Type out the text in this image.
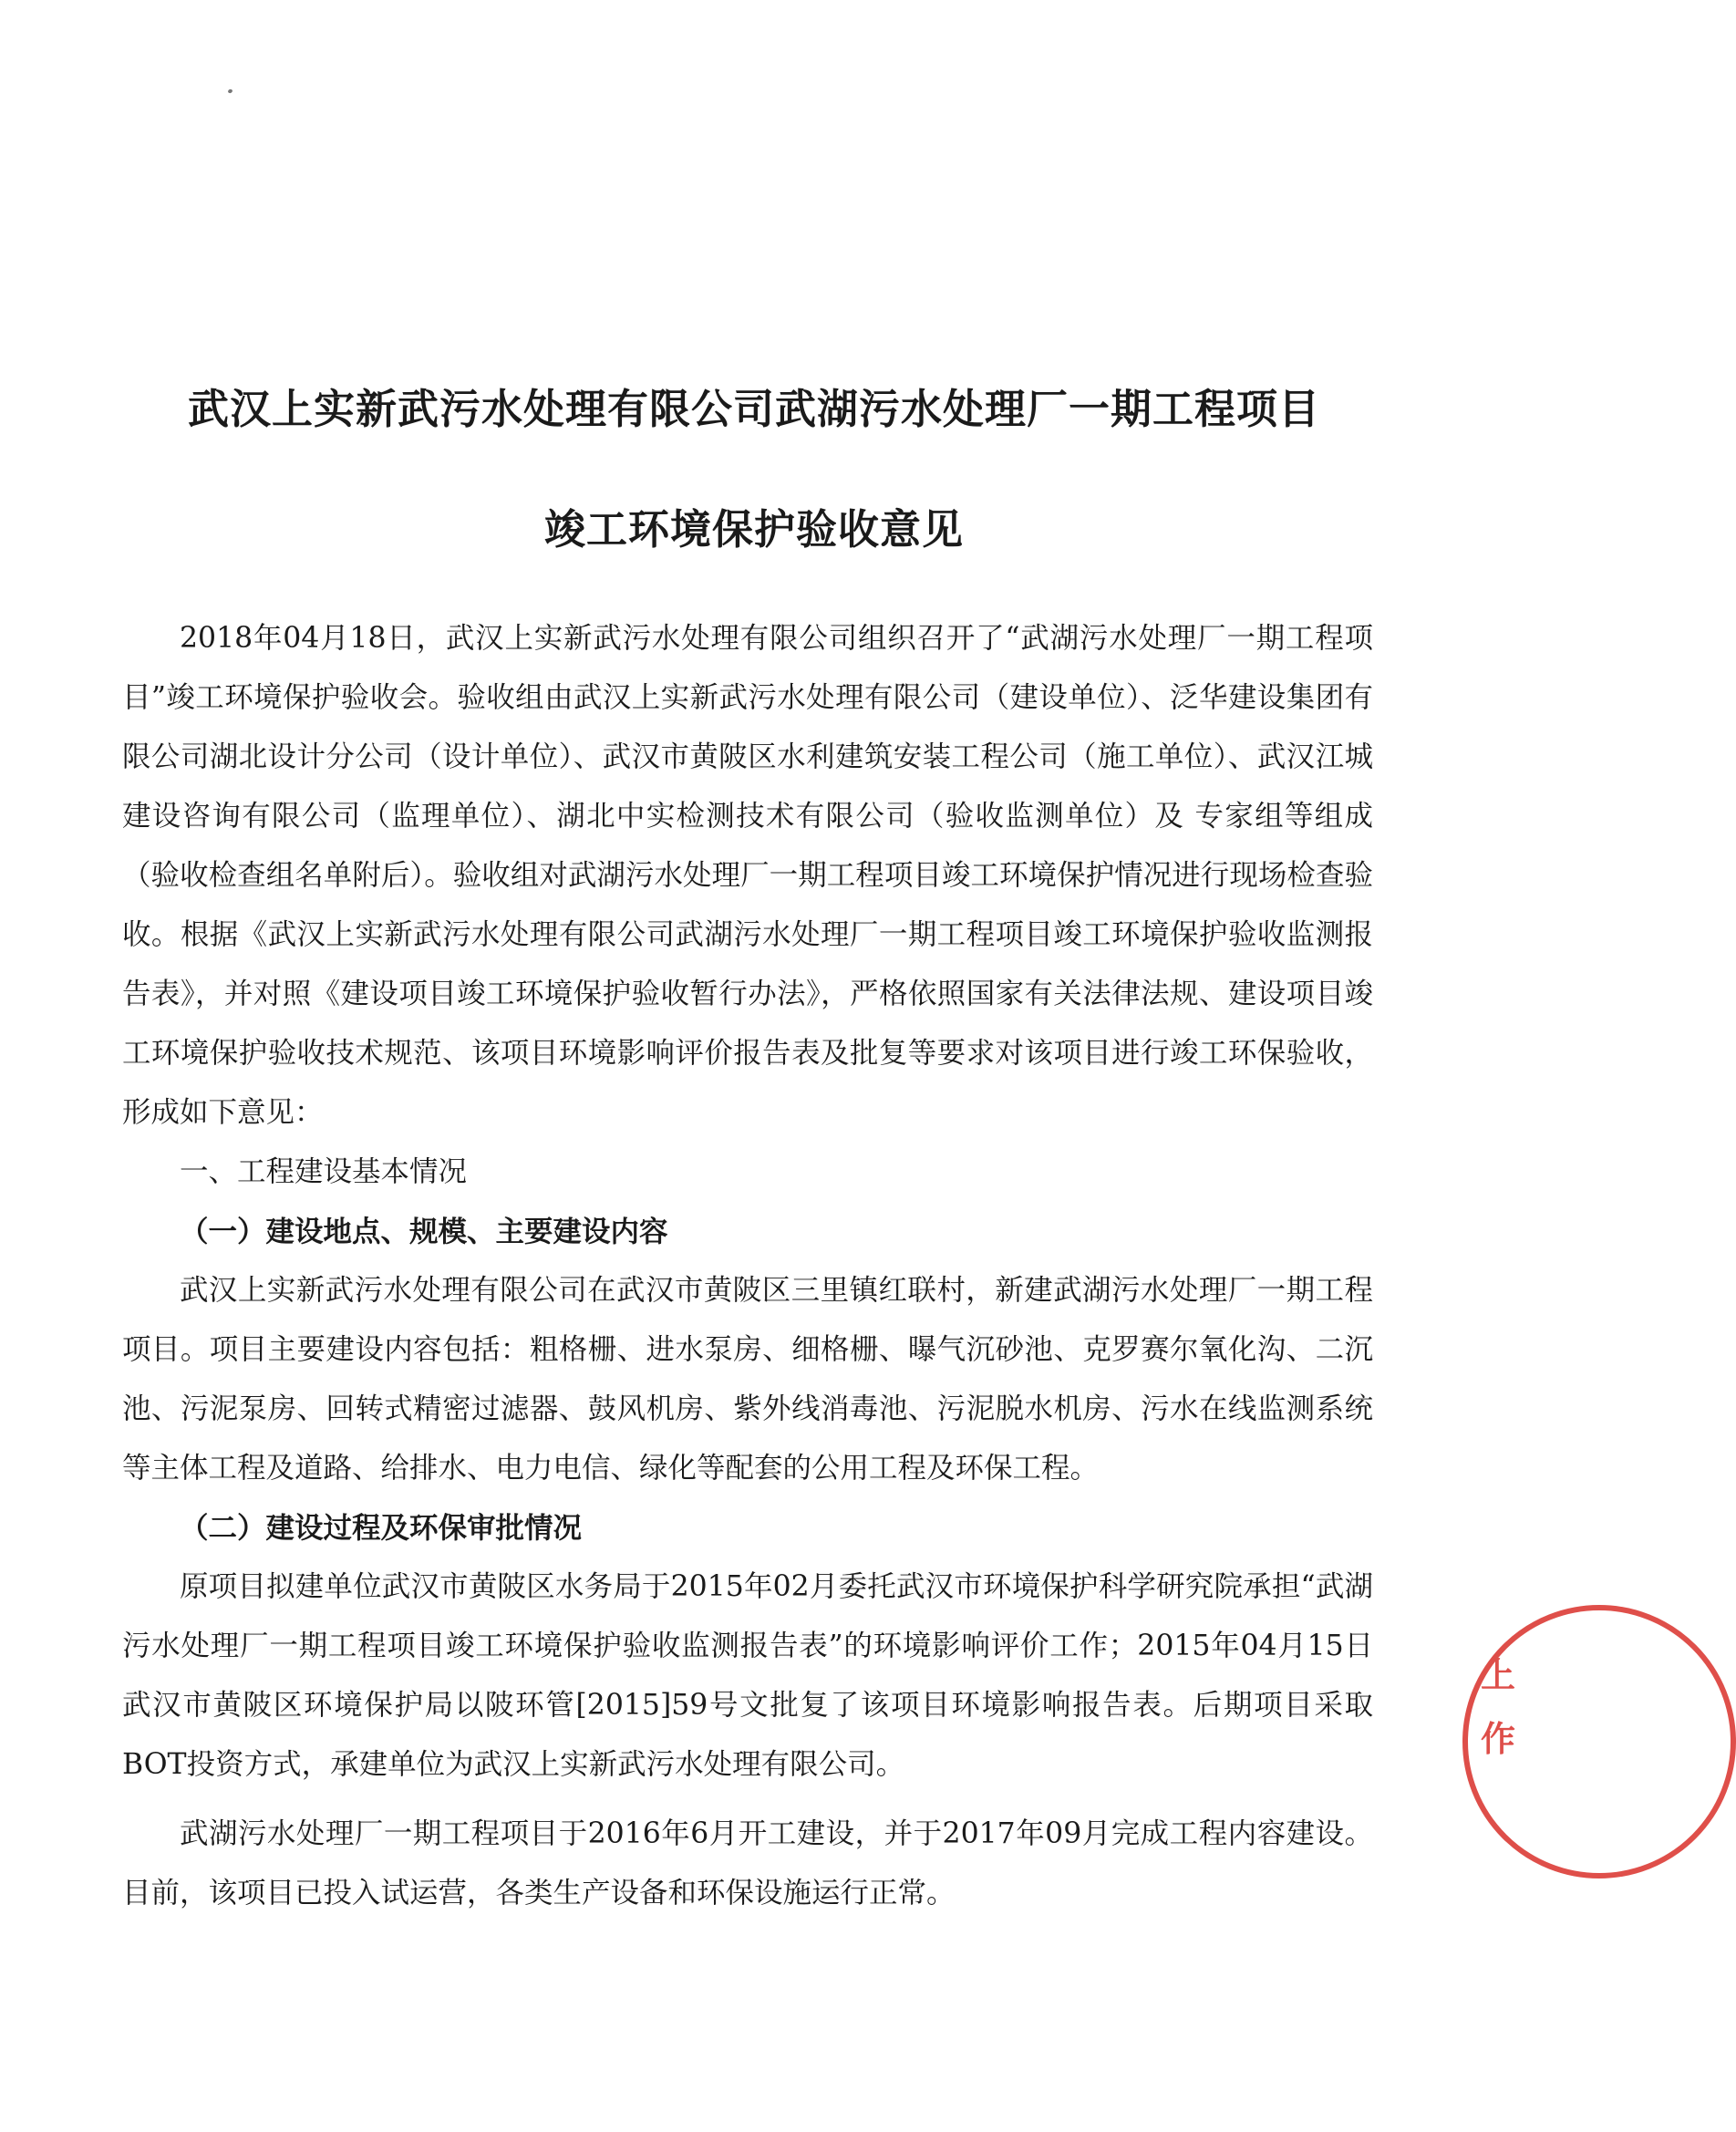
武汉上实新武污水处理有限公司武湖污水处理厂一期工程项目
竣工环境保护验收意见

2018年04月18日，武汉上实新武污水处理有限公司组织召开了“武湖污水处理厂一期工程项目”竣工环境保护验收会。验收组由武汉上实新武污水处理有限公司（建设单位）、泛华建设集团有限公司湖北设计分公司（设计单位）、武汉市黄陂区水利建筑安装工程公司（施工单位）、武汉江城建设咨询有限公司（监理单位）、湖北中实检测技术有限公司（验收监测单位）及 专家组等组成（验收检查组名单附后）。验收组对武湖污水处理厂一期工程项目竣工环境保护情况进行现场检查验收。根据《武汉上实新武污水处理有限公司武湖污水处理厂一期工程项目竣工环境保护验收监测报告表》，并对照《建设项目竣工环境保护验收暂行办法》，严格依照国家有关法律法规、建设项目竣工环境保护验收技术规范、该项目环境影响评价报告表及批复等要求对该项目进行竣工环保验收，形成如下意见：

一、工程建设基本情况

（一）建设地点、规模、主要建设内容

武汉上实新武污水处理有限公司在武汉市黄陂区三里镇红联村，新建武湖污水处理厂一期工程项目。项目主要建设内容包括：粗格栅、进水泵房、细格栅、曝气沉砂池、克罗赛尔氧化沟、二沉池、污泥泵房、回转式精密过滤器、鼓风机房、紫外线消毒池、污泥脱水机房、污水在线监测系统等主体工程及道路、给排水、电力电信、绿化等配套的公用工程及环保工程。

（二）建设过程及环保审批情况

原项目拟建单位武汉市黄陂区水务局于2015年02月委托武汉市环境保护科学研究院承担“武湖污水处理厂一期工程项目竣工环境保护验收监测报告表”的环境影响评价工作；2015年04月15日武汉市黄陂区环境保护局以陂环管[2015]59号文批复了该项目环境影响报告表。后期项目采取BOT投资方式，承建单位为武汉上实新武污水处理有限公司。

武湖污水处理厂一期工程项目于2016年6月开工建设，并于2017年09月完成工程内容建设。目前，该项目已投入试运营，各类生产设备和环保设施运行正常。

上
作
